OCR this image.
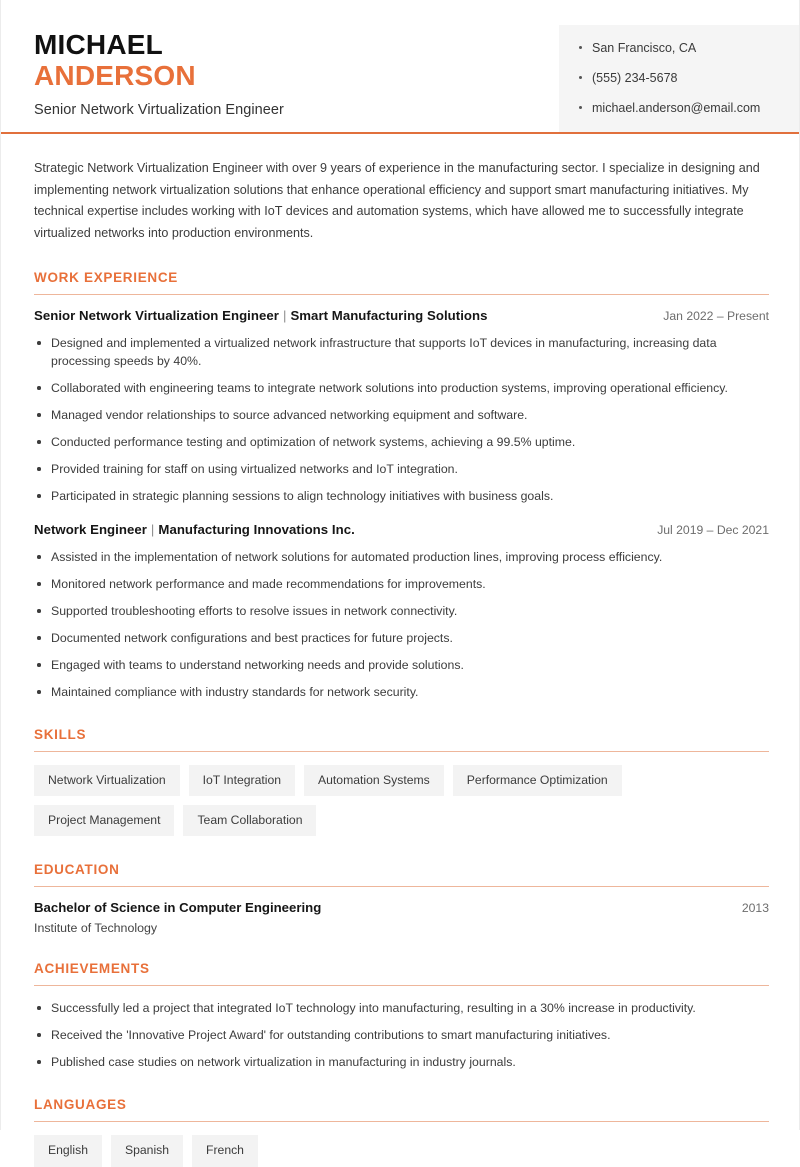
MICHAEL
ANDERSON
Senior Network Virtualization Engineer
San Francisco, CA
(555) 234-5678
michael.anderson@email.com

Strategic Network Virtualization Engineer with over 9 years of experience in the manufacturing sector. I specialize in designing and implementing network virtualization solutions that enhance operational efficiency and support smart manufacturing initiatives. My technical expertise includes working with IoT devices and automation systems, which have allowed me to successfully integrate virtualized networks into production environments.

WORK EXPERIENCE
Senior Network Virtualization Engineer | Smart Manufacturing Solutions	Jan 2022 – Present
Designed and implemented a virtualized network infrastructure that supports IoT devices in manufacturing, increasing data processing speeds by 40%.
Collaborated with engineering teams to integrate network solutions into production systems, improving operational efficiency.
Managed vendor relationships to source advanced networking equipment and software.
Conducted performance testing and optimization of network systems, achieving a 99.5% uptime.
Provided training for staff on using virtualized networks and IoT integration.
Participated in strategic planning sessions to align technology initiatives with business goals.
Network Engineer | Manufacturing Innovations Inc.	Jul 2019 – Dec 2021
Assisted in the implementation of network solutions for automated production lines, improving process efficiency.
Monitored network performance and made recommendations for improvements.
Supported troubleshooting efforts to resolve issues in network connectivity.
Documented network configurations and best practices for future projects.
Engaged with teams to understand networking needs and provide solutions.
Maintained compliance with industry standards for network security.
SKILLS
Network Virtualization	IoT Integration	Automation Systems	Performance Optimization
Project Management	Team Collaboration
EDUCATION
Bachelor of Science in Computer Engineering	2013
Institute of Technology
ACHIEVEMENTS
Successfully led a project that integrated IoT technology into manufacturing, resulting in a 30% increase in productivity.
Received the 'Innovative Project Award' for outstanding contributions to smart manufacturing initiatives.
Published case studies on network virtualization in manufacturing in industry journals.
LANGUAGES
English	Spanish	French
